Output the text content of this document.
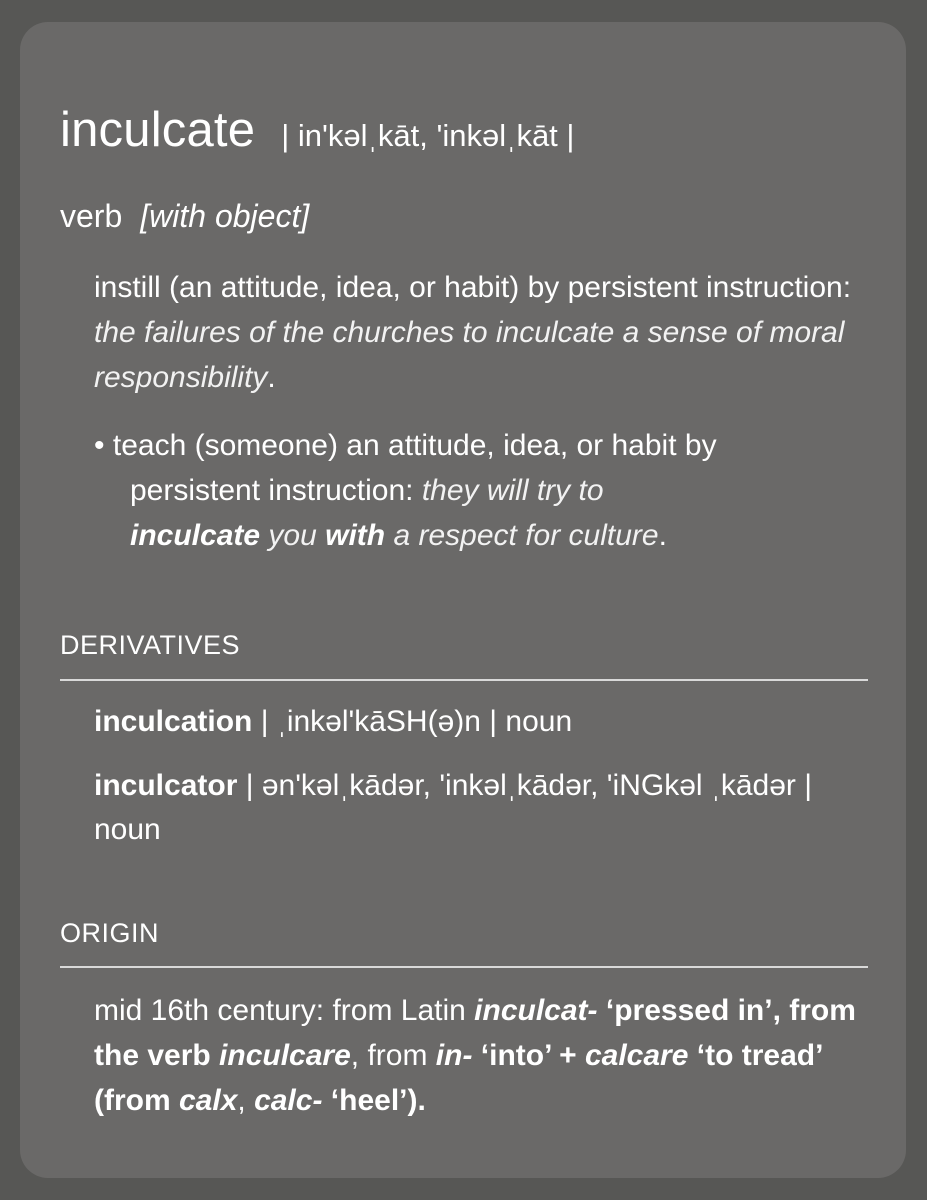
inculcate | in'kəlˌkāt, 'inkəlˌkāt |
verb [with object]
instill (an attitude, idea, or habit) by persistent instruction: the failures of the churches to inculcate a sense of moral responsibility.
• teach (someone) an attitude, idea, or habit by
persistent instruction: they will try to
inculcate you with a respect for culture.
DERIVATIVES
inculcation | ˌinkəl'kāSH(ə)n | noun
inculcator | ən'kəlˌkādər, 'inkəlˌkādər, 'iNGkəl ˌkādər | noun
ORIGIN
mid 16th century: from Latin inculcat- ‘pressed in’, from the verb inculcare, from in- ‘into’ + calcare ‘to tread’ (from calx, calc- ‘heel’).
